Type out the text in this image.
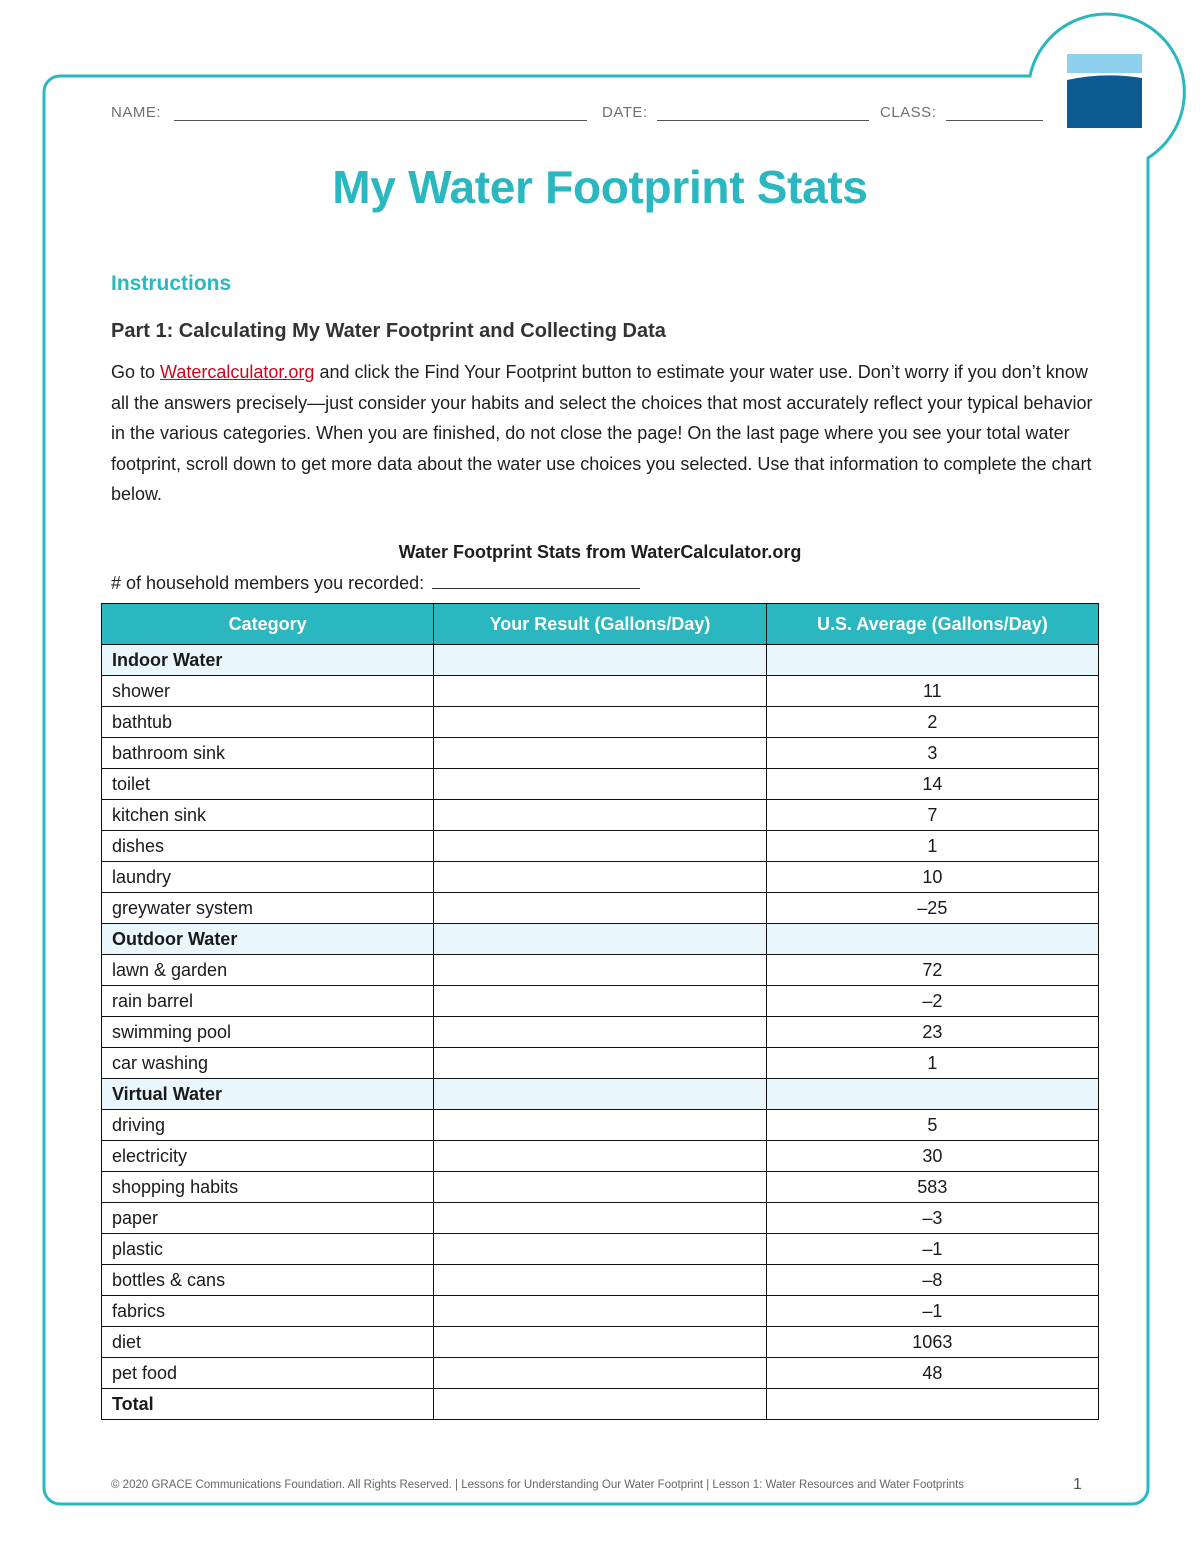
NAME:	DATE:	CLASS:
My Water Footprint Stats
Instructions
Part 1: Calculating My Water Footprint and Collecting Data
Go to Watercalculator.org and click the Find Your Footprint button to estimate your water use. Don’t worry if you don’t know all the answers precisely—just consider your habits and select the choices that most accurately reflect your typical behavior in the various categories. When you are finished, do not close the page! On the last page where you see your total water footprint, scroll down to get more data about the water use choices you selected. Use that information to complete the chart below.
Water Footprint Stats from WaterCalculator.org
# of household members you recorded:
Category	Your Result (Gallons/Day)	U.S. Average (Gallons/Day)
Indoor Water		
shower		11
bathtub		2
bathroom sink		3
toilet		14
kitchen sink		7
dishes		1
laundry		10
greywater system		–25
Outdoor Water		
lawn & garden		72
rain barrel		–2
swimming pool		23
car washing		1
Virtual Water		
driving		5
electricity		30
shopping habits		583
paper		–3
plastic		–1
bottles & cans		–8
fabrics		–1
diet		1063
pet food		48
Total		
© 2020 GRACE Communications Foundation. All Rights Reserved. | Lessons for Understanding Our Water Footprint | Lesson 1: Water Resources and Water Footprints	1
